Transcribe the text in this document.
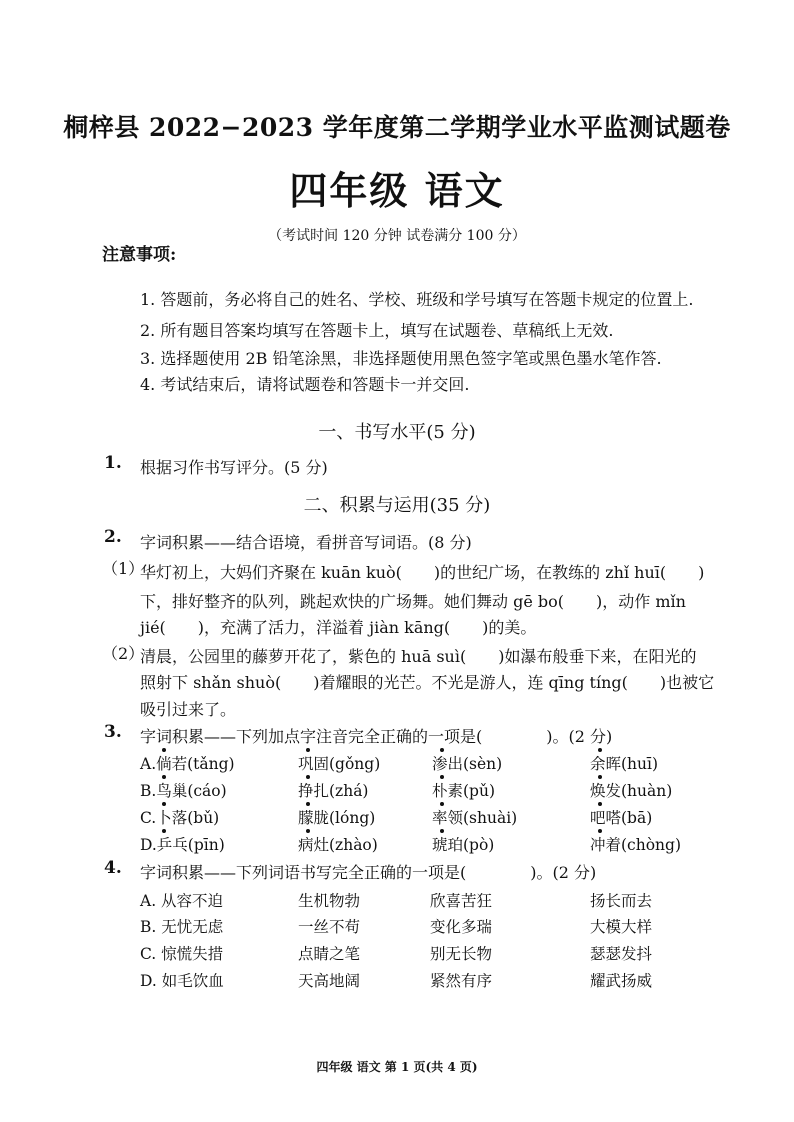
桐梓县 2022−2023 学年度第二学期学业水平监测试题卷
四年级 语文
（考试时间 120 分钟 试卷满分 100 分）
注意事项:
1. 答题前，务必将自己的姓名、学校、班级和学号填写在答题卡规定的位置上.
2. 所有题目答案均填写在答题卡上，填写在试题卷、草稿纸上无效.
3. 选择题使用 2B 铅笔涂黑，非选择题使用黑色签字笔或黑色墨水笔作答.
4. 考试结束后，请将试题卷和答题卡一并交回.
一、书写水平(5 分)
1. 根据习作书写评分。(5 分)
二、积累与运用(35 分)
2. 字词积累——结合语境，看拼音写词语。(8 分)
（1）
华灯初上，大妈们齐聚在 kuān kuò(　　)的世纪广场，在教练的 zhǐ huī(　　)
下，排好整齐的队列，跳起欢快的广场舞。她们舞动 gē bo(　　)，动作 mǐn
jié(　　)，充满了活力，洋溢着 jiàn kāng(　　)的美。
（2）
清晨，公园里的藤萝开花了，紫色的 huā suì(　　)如瀑布般垂下来，在阳光的
照射下 shǎn shuò(　　)着耀眼的光芒。不光是游人，连 qīng tíng(　　)也被它
吸引过来了。
3. 字词积累——下列加点字注音完全正确的一项是(　　　　)。(2 分)
A.倘若(tǎng)	巩固(gǒng)	渗出(sèn)	余晖(huī)
B.鸟巢(cáo)	挣扎(zhá)	朴素(pǔ)	焕发(huàn)
C.卜落(bǔ)	朦胧(lóng)	率领(shuài)	吧嗒(bā)
D.乒乓(pīn)	病灶(zhào)	琥珀(pò)	冲着(chòng)
4. 字词积累——下列词语书写完全正确的一项是(　　　　)。(2 分)
A. 从容不迫	生机物勃	欣喜苦狂	扬长而去
B. 无忧无虑	一丝不苟	变化多瑞	大模大样
C. 惊慌失措	点睛之笔	别无长物	瑟瑟发抖
D. 如毛饮血	天高地阔	紧然有序	耀武扬威
四年级 语文 第 1 页(共 4 页)
